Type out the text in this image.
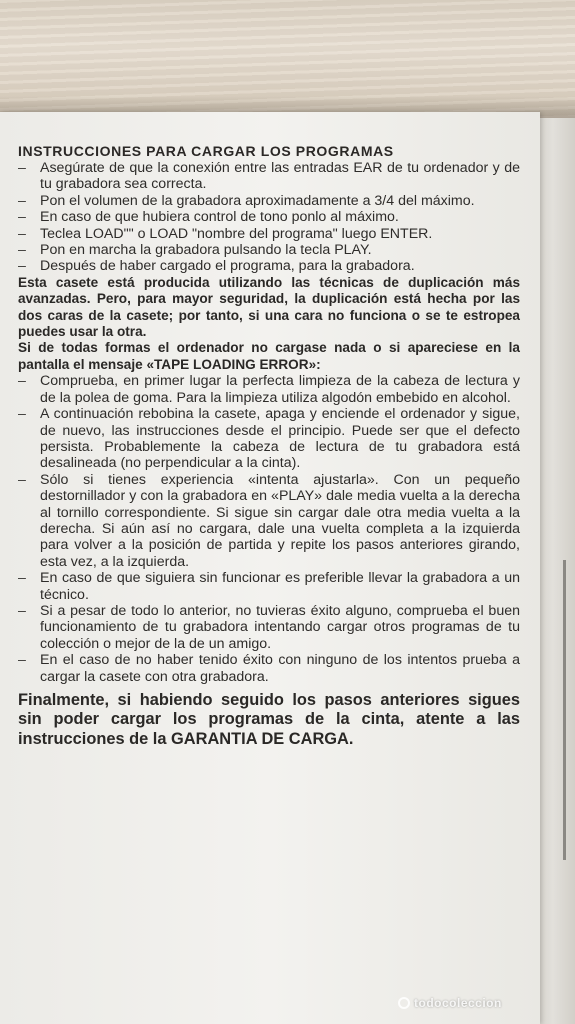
INSTRUCCIONES PARA CARGAR LOS PROGRAMAS
– Asegúrate de que la conexión entre las entradas EAR de tu ordenador y de tu grabadora sea correcta.
– Pon el volumen de la grabadora aproximadamente a 3/4 del máximo.
– En caso de que hubiera control de tono ponlo al máximo.
– Teclea LOAD"" o LOAD "nombre del programa" luego ENTER.
– Pon en marcha la grabadora pulsando la tecla PLAY.
– Después de haber cargado el programa, para la grabadora.

Esta casete está producida utilizando las técnicas de duplicación más avanzadas. Pero, para mayor seguridad, la duplicación está hecha por las dos caras de la casete; por tanto, si una cara no funciona o se te estropea puedes usar la otra.

Si de todas formas el ordenador no cargase nada o si apareciese en la pantalla el mensaje «TAPE LOADING ERROR»:

– Comprueba, en primer lugar la perfecta limpieza de la cabeza de lectura y de la polea de goma. Para la limpieza utiliza algodón embebido en alcohol.
– A continuación rebobina la casete, apaga y enciende el ordenador y sigue, de nuevo, las instrucciones desde el principio. Puede ser que el defecto persista. Probablemente la cabeza de lectura de tu grabadora está desalineada (no perpendicular a la cinta).
– Sólo si tienes experiencia «intenta ajustarla». Con un pequeño destornillador y con la grabadora en «PLAY» dale media vuelta a la derecha al tornillo correspondiente. Si sigue sin cargar dale otra media vuelta a la derecha. Si aún así no cargara, dale una vuelta completa a la izquierda para volver a la posición de partida y repite los pasos anteriores girando, esta vez, a la izquierda.
– En caso de que siguiera sin funcionar es preferible llevar la grabadora a un técnico.
– Si a pesar de todo lo anterior, no tuvieras éxito alguno, comprueba el buen funcionamiento de tu grabadora intentando cargar otros programas de tu colección o mejor de la de un amigo.
– En el caso de no haber tenido éxito con ninguno de los intentos prueba a cargar la casete con otra grabadora.

Finalmente, si habiendo seguido los pasos anteriores sigues sin poder cargar los programas de la cinta, atente a las instrucciones de la GARANTIA DE CARGA.

todocoleccion
